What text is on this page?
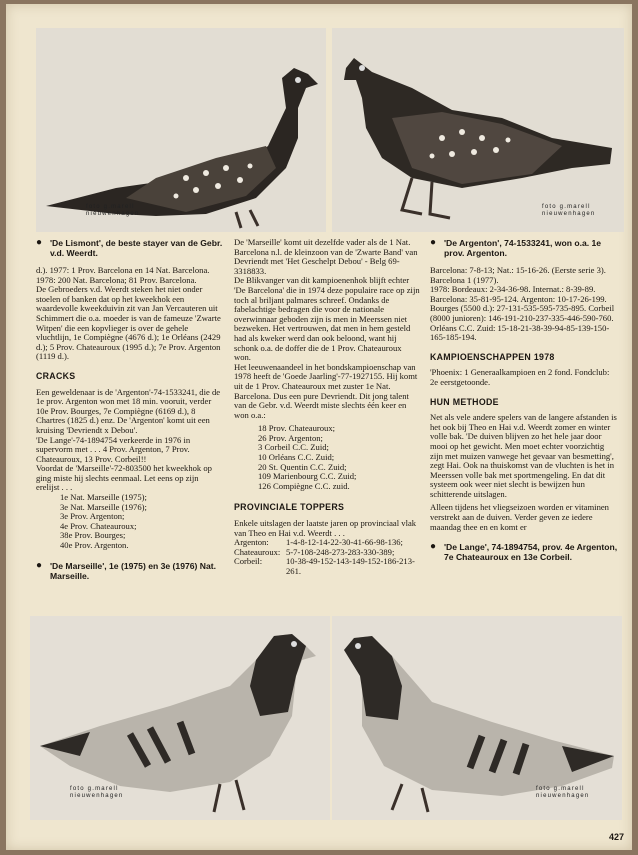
foto g.marell
nieuwenhagen
foto g.marell
nieuwenhagen
● 'De Lismont', de beste stayer van de Gebr. v.d. Weerdt.

d.). 1977: 1 Prov. Barcelona en 14 Nat. Barcelona. 1978: 200 Nat. Barcelona; 81 Prov. Barcelona.

De Gebroeders v.d. Weerdt steken het niet onder stoelen of banken dat op het kweekhok een waardevolle kweekduivin zit van Jan Vercauteren uit Schimmert die o.a. moeder is van de fameuze 'Zwarte Witpen' die een kopvlieger is over de gehele vluchtlijn, 1e Compiègne (4676 d.); 1e Orléans (2429 d.); 5 Prov. Chateauroux (1995 d.); 7e Prov. Argenton (1119 d.).

CRACKS

Een geweldenaar is de 'Argenton'-74-1533241, die de 1e prov. Argenton won met 18 min. vooruit, verder 10e Prov. Bourges, 7e Compiègne (6169 d.), 8 Chartres (1825 d.) enz. De 'Argenton' komt uit een kruising 'Devriendt x Debou'.

'De Lange'-74-1894754 verkeerde in 1976 in supervorm met . . . 4 Prov. Argenton, 7 Prov. Chateauroux, 13 Prov. Corbeil!!

Voordat de 'Marseille'-72-803500 het kweekhok op ging miste hij slechts eenmaal. Let eens op zijn erelijst . . .

1e Nat. Marseille (1975);
3e Nat. Marseille (1976);
3e Prov. Argenton;
4e Prov. Chateauroux;
38e Prov. Bourges;
40e Prov. Argenton.
● 'De Marseille', 1e (1975) en 3e (1976) Nat. Marseille.

De 'Marseille' komt uit dezelfde vader als de 1 Nat. Barcelona n.l. de kleinzoon van de 'Zwarte Band' van Devriendt met 'Het Geschelpt Debou' - Belg 69-3318833.

De Blikvanger van dit kampioenenhok blijft echter 'De Barcelona' die in 1974 deze populaire race op zijn toch al briljant palmares schreef. Ondanks de fabelachtige bedragen die voor de nationale overwinnaar geboden zijn is men in Meerssen niet bezweken. Het vertrouwen, dat men in hem gesteld had als kweker werd dan ook beloond, want hij schonk o.a. de doffer die de 1 Prov. Chateauroux won.

Het leeuwenaandeel in het bondskampioenschap van 1978 heeft de 'Goede Jaarling'-77-1927155. Hij komt uit de 1 Prov. Chateauroux met zuster 1e Nat. Barcelona. Dus een pure Devriendt. Dit jong talent van de Gebr. v.d. Weerdt miste slechts één keer en won o.a.:

18 Prov. Chateauroux;
26 Prov. Argenton;
3 Corbeil C.C. Zuid;
10 Orléans C.C. Zuid;
20 St. Quentin C.C. Zuid;
109 Marienbourg C.C. Zuid;
126 Compiègne C.C. zuid.
PROVINCIALE TOPPERS

Enkele uitslagen der laatste jaren op provinciaal vlak van Theo en Hai v.d. Weerdt . . .

Argenton:	1-4-8-12-14-22-30-41-66-98-136;
Chateauroux: 5-7-108-248-273-283-330-389;
Corbeil:	10-38-49-152-143-149-152-186-213-261.
● 'De Argenton', 74-1533241, won o.a. 1e prov. Argenton.

Barcelona: 7-8-13; Nat.: 15-16-26. (Eerste serie 3).

Barcelona 1 (1977).

1978: Bordeaux: 2-34-36-98. Internat.: 8-39-89. Barcelona: 35-81-95-124. Argenton: 10-17-26-199. Bourges (5500 d.): 27-131-535-595-735-895. Corbeil (8000 junioren): 146-191-210-237-335-446-590-760. Orléans C.C. Zuid: 15-18-21-38-39-94-85-139-150-165-185-194.

KAMPIOENSCHAPPEN 1978

'Phoenix: 1 Generaalkampioen en 2 fond. Fondclub: 2e eerstgetoonde.

HUN METHODE

Net als vele andere spelers van de langere afstanden is het ook bij Theo en Hai v.d. Weerdt zomer en winter volle bak. 'De duiven blijven zo het hele jaar door mooi op het gewicht. Men moet echter voorzichtig zijn met muizen vanwege het gevaar van besmetting', zegt Hai. Ook na thuiskomst van de vluchten is het in Meerssen volle bak met sportmengeling. En dat dit systeem ook weer niet slecht is bewijzen hun schitterende uitslagen.

Alleen tijdens het vliegseizoen worden er vitaminen verstrekt aan de duiven. Verder geven ze iedere maandag thee en en komt er

● 'De Lange', 74-1894754, prov. 4e Argenton, 7e Chateauroux en 13e Corbeil.
foto g.marell
nieuwenhagen
foto g.marell
nieuwenhagen
427
